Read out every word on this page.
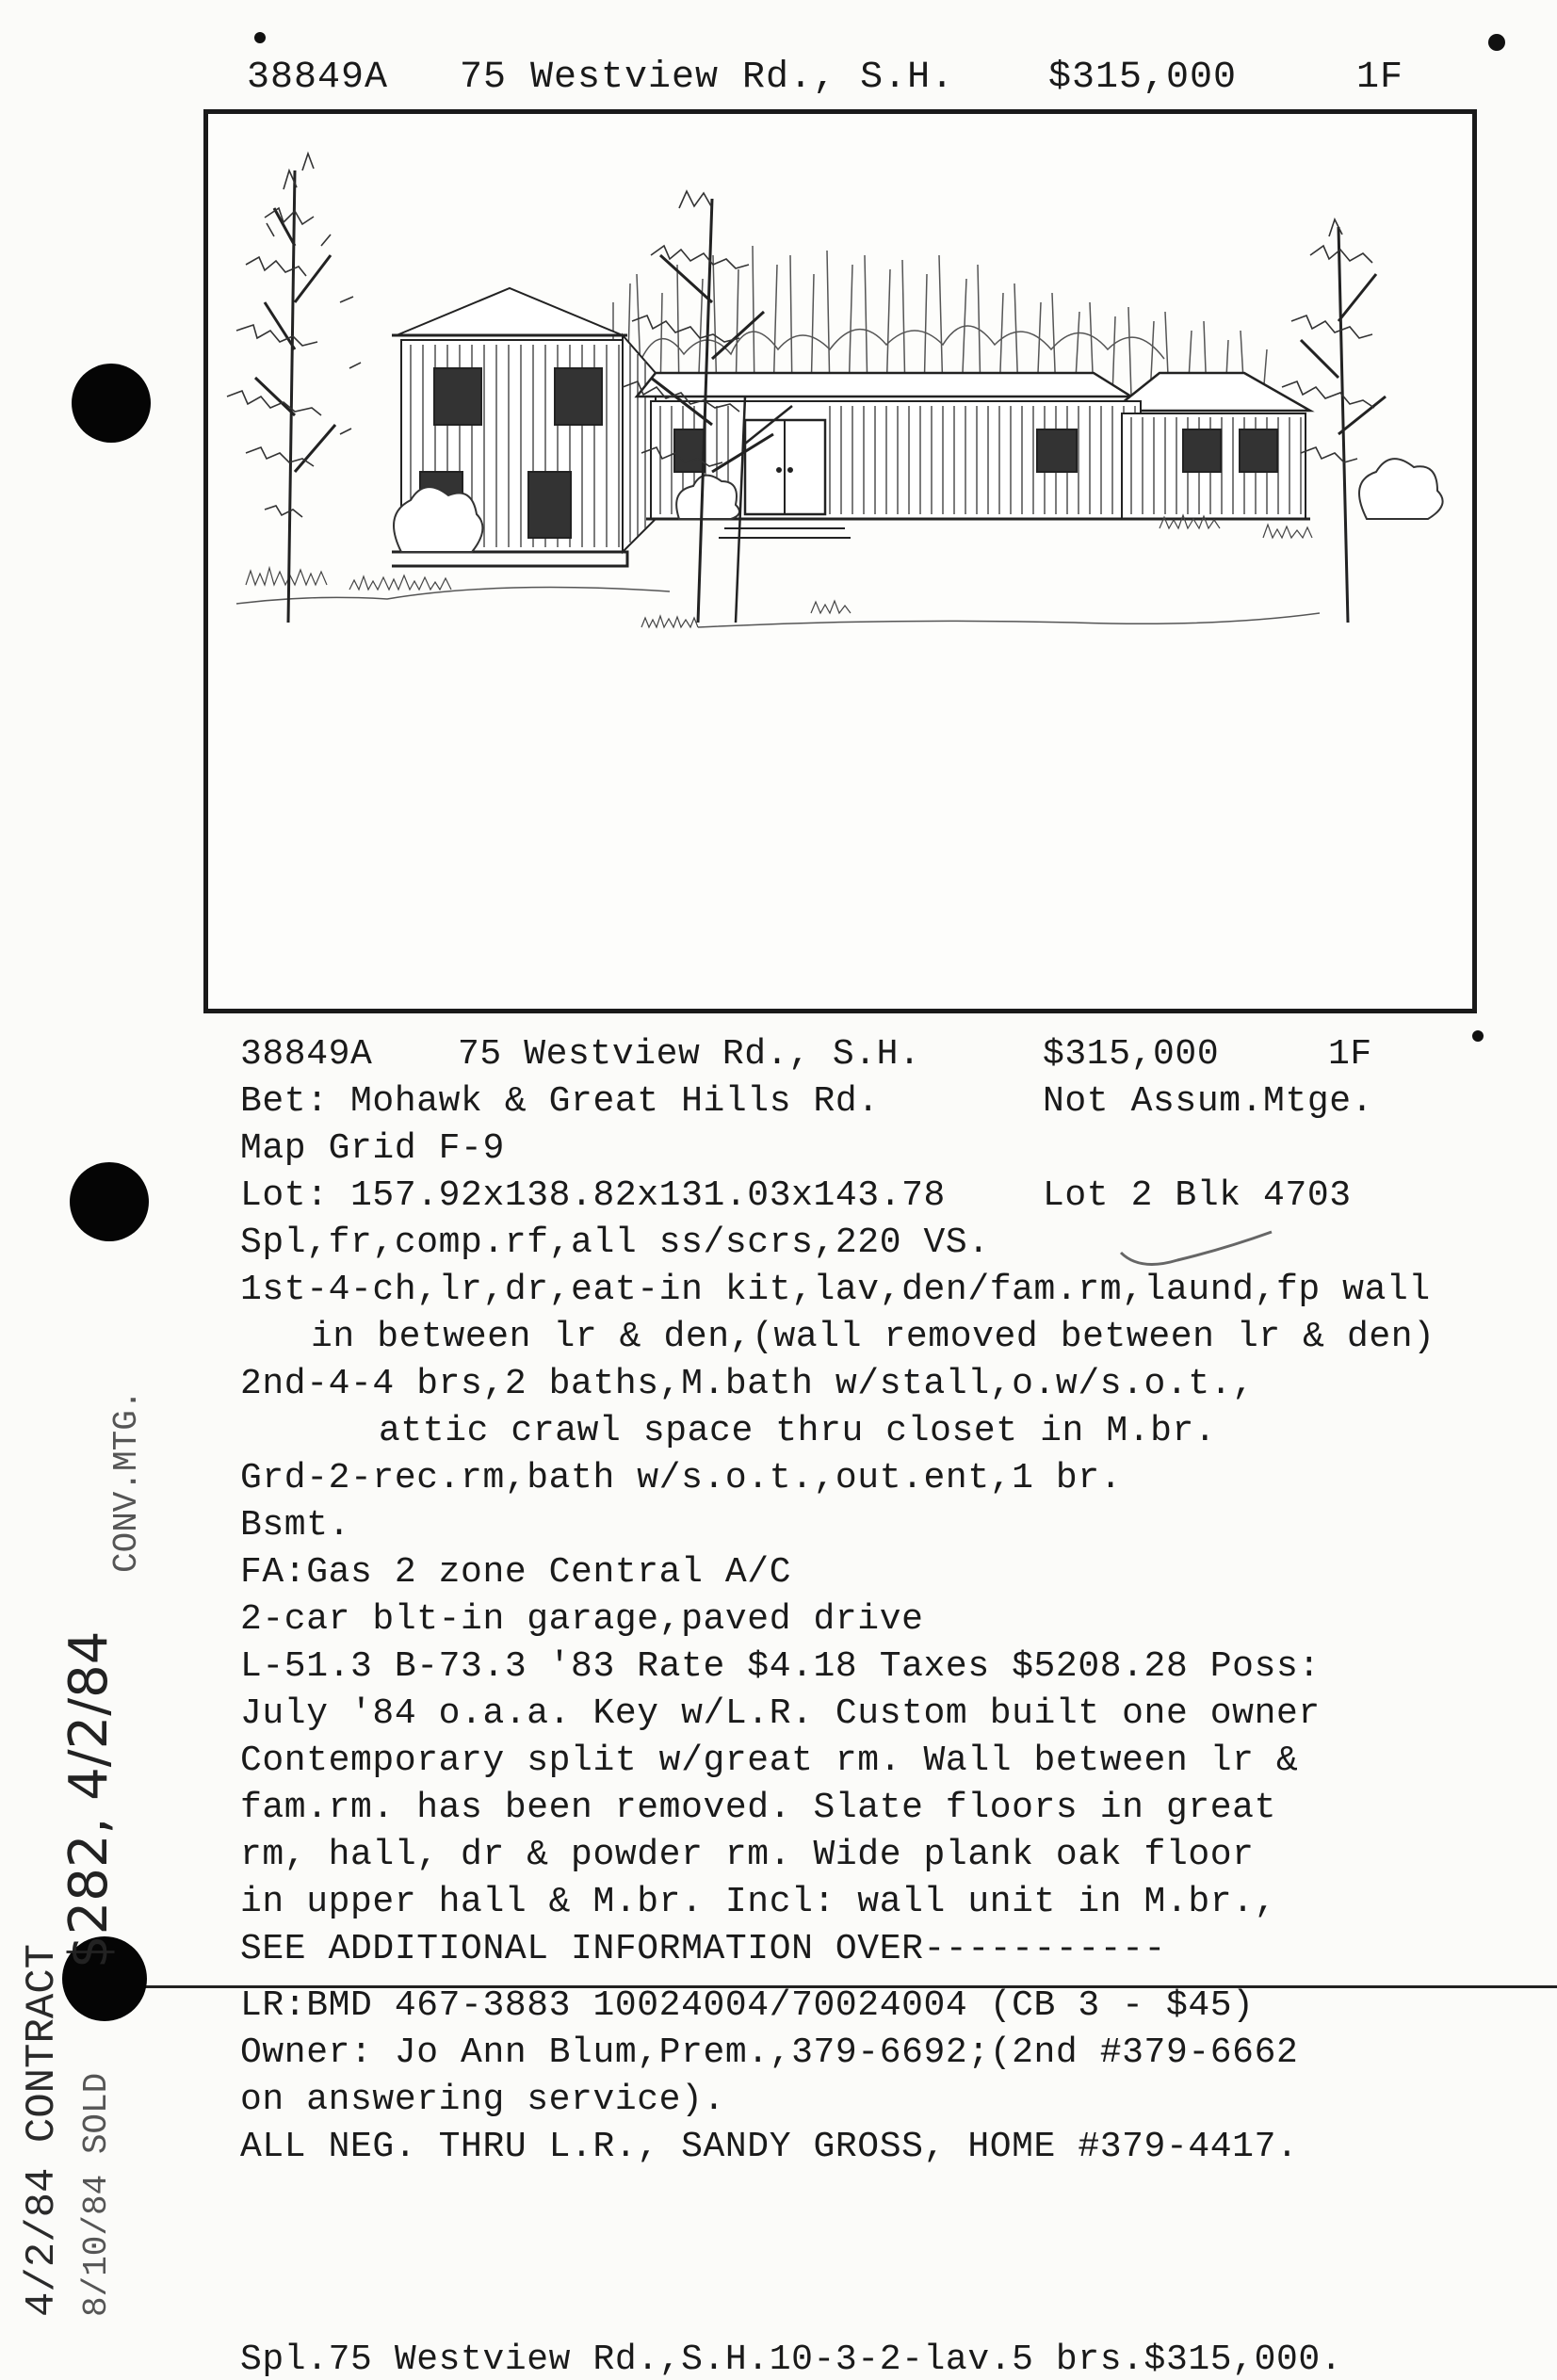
38849A 75 Westview Rd., S.H. $315,000	1F
38849A 75 Westview Rd., S.H.	$315,000	1F
Bet: Mohawk & Great Hills Rd.	Not Assum.Mtge.
Map Grid F-9
Lot: 157.92x138.82x131.03x143.78	Lot 2 Blk 4703
Spl,fr,comp.rf,all ss/scrs,220 VS.
1st-4-ch,lr,dr,eat-in kit,lav,den/fam.rm,laund,fp wall
in between lr & den,(wall removed between lr & den)
2nd-4-4 brs,2 baths,M.bath w/stall,o.w/s.o.t.,
attic crawl space thru closet in M.br.
Grd-2-rec.rm,bath w/s.o.t.,out.ent,1 br.
Bsmt.
FA:Gas 2 zone Central A/C
2-car blt-in garage,paved drive
L-51.3 B-73.3 '83 Rate $4.18 Taxes $5208.28 Poss:
July '84 o.a.a. Key w/L.R. Custom built one owner
Contemporary split w/great rm. Wall between lr &
fam.rm. has been removed. Slate floors in great
rm, hall, dr & powder rm. Wide plank oak floor
in upper hall & M.br. Incl: wall unit in M.br.,
SEE ADDITIONAL INFORMATION OVER-----------
LR:BMD 467-3883 10024004/70024004 (CB 3 - $45)
Owner: Jo Ann Blum,Prem.,379-6692;(2nd #379-6662
on answering service).
ALL NEG. THRU L.R., SANDY GROSS, HOME #379-4417.
Spl.75 Westview Rd.,S.H.10-3-2-lav.5 brs.$315,000.
4/2/84 CONTRACT 8/10/84 SOLD
$282, 4/2/84
CONV.MTG.
